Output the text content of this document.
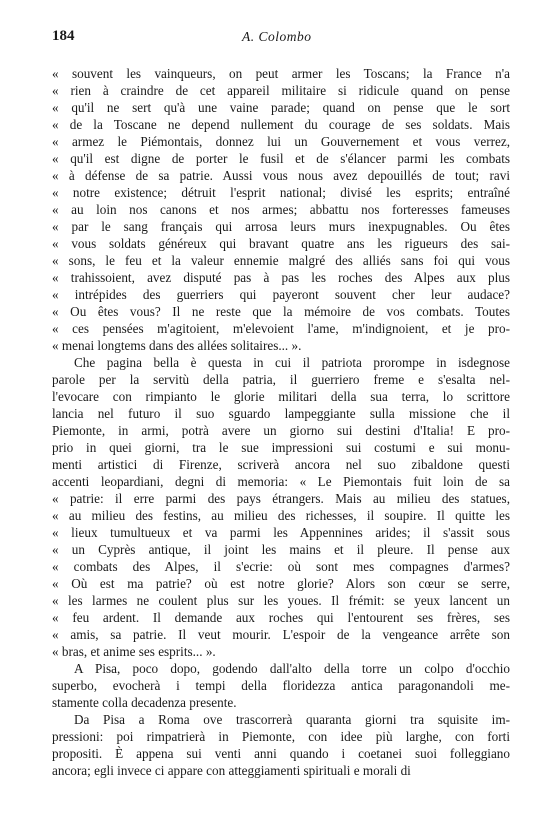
184	A. Colombo
« souvent les vainqueurs, on peut armer les Toscans; la France n'a
« rien à craindre de cet appareil militaire si ridicule quand on pense
« qu'il ne sert qu'à une vaine parade; quand on pense que le sort
« de la Toscane ne depend nullement du courage de ses soldats. Mais
« armez le Piémontais, donnez lui un Gouvernement et vous verrez,
« qu'il est digne de porter le fusil et de s'élancer parmi les combats
« à défense de sa patrie. Aussi vous nous avez depouillés de tout; ravi
« notre existence; détruit l'esprit national; divisé les esprits; entraîné
« au loin nos canons et nos armes; abbattu nos forteresses fameuses
« par le sang français qui arrosa leurs murs inexpugnables. Ou êtes
« vous soldats généreux qui bravant quatre ans les rigueurs des sai-
« sons, le feu et la valeur ennemie malgré des alliés sans foi qui vous
« trahissoient, avez disputé pas à pas les roches des Alpes aux plus
« intrépides des guerriers qui payeront souvent cher leur audace?
« Ou êtes vous? Il ne reste que la mémoire de vos combats. Toutes
« ces pensées m'agitoient, m'elevoient l'ame, m'indignoient, et je pro-
« menai longtems dans des allées solitaires... ».
Che pagina bella è questa in cui il patriota prorompe in isdegnose
parole per la servitù della patria, il guerriero freme e s'esalta nel-
l'evocare con rimpianto le glorie militari della sua terra, lo scrittore
lancia nel futuro il suo sguardo lampeggiante sulla missione che il
Piemonte, in armi, potrà avere un giorno sui destini d'Italia! E pro-
prio in quei giorni, tra le sue impressioni sui costumi e sui monu-
menti artistici di Firenze, scriverà ancora nel suo zibaldone questi
accenti leopardiani, degni di memoria: « Le Piemontais fuit loin de sa
« patrie: il erre parmi des pays étrangers. Mais au milieu des statues,
« au milieu des festins, au milieu des richesses, il soupire. Il quitte les
« lieux tumultueux et va parmi les Appennines arides; il s'assit sous
« un Cyprès antique, il joint les mains et il pleure. Il pense aux
« combats des Alpes, il s'ecrie: où sont mes compagnes d'armes?
« Où est ma patrie? où est notre glorie? Alors son cœur se serre,
« les larmes ne coulent plus sur les youes. Il frémit: se yeux lancent un
« feu ardent. Il demande aux roches qui l'entourent ses frères, ses
« amis, sa patrie. Il veut mourir. L'espoir de la vengeance arrête son
« bras, et anime ses esprits... ».
A Pisa, poco dopo, godendo dall'alto della torre un colpo d'occhio
superbo, evocherà i tempi della floridezza antica paragonandoli me-
stamente colla decadenza presente.
Da Pisa a Roma ove trascorrerà quaranta giorni tra squisite im-
pressioni: poi rimpatrierà in Piemonte, con idee più larghe, con forti
propositi. È appena sui venti anni quando i coetanei suoi folleggiano
ancora; egli invece ci appare con atteggiamenti spirituali e morali di
